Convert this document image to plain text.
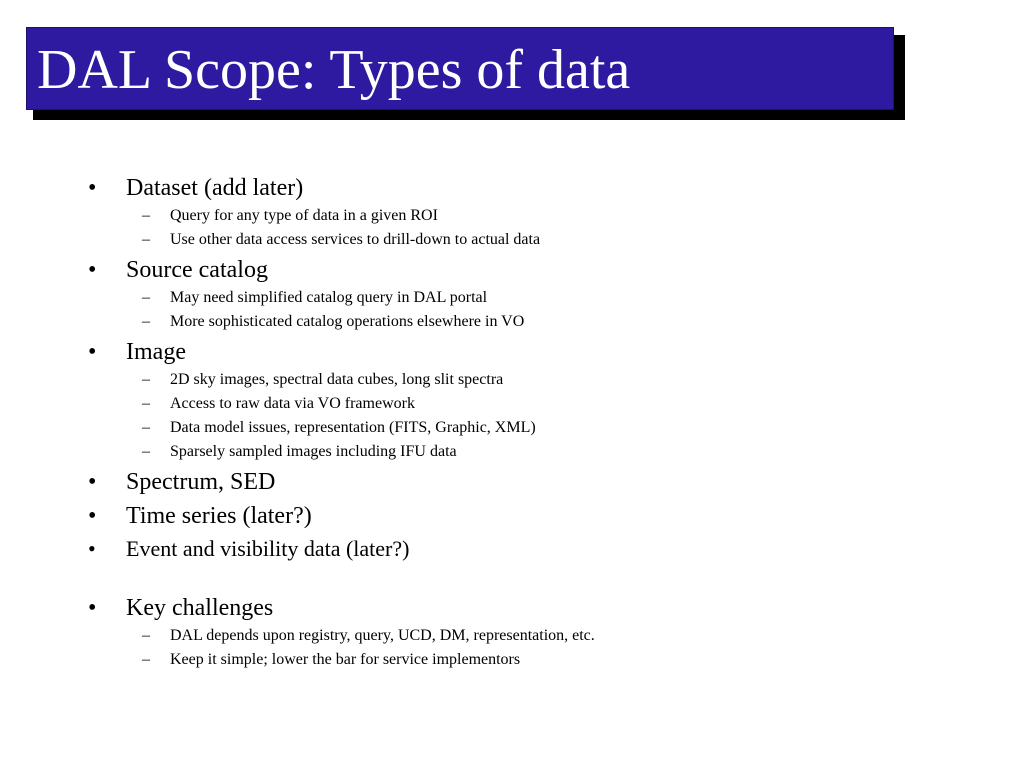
DAL Scope: Types of data
• Dataset (add later)
– Query for any type of data in a given ROI
– Use other data access services to drill-down to actual data
• Source catalog
– May need simplified catalog query in DAL portal
– More sophisticated catalog operations elsewhere in VO
• Image
– 2D sky images, spectral data cubes, long slit spectra
– Access to raw data via VO framework
– Data model issues, representation (FITS, Graphic, XML)
– Sparsely sampled images including IFU data
• Spectrum, SED
• Time series (later?)
• Event and visibility data (later?)
• Key challenges
– DAL depends upon registry, query, UCD, DM, representation, etc.
– Keep it simple; lower the bar for service implementors
